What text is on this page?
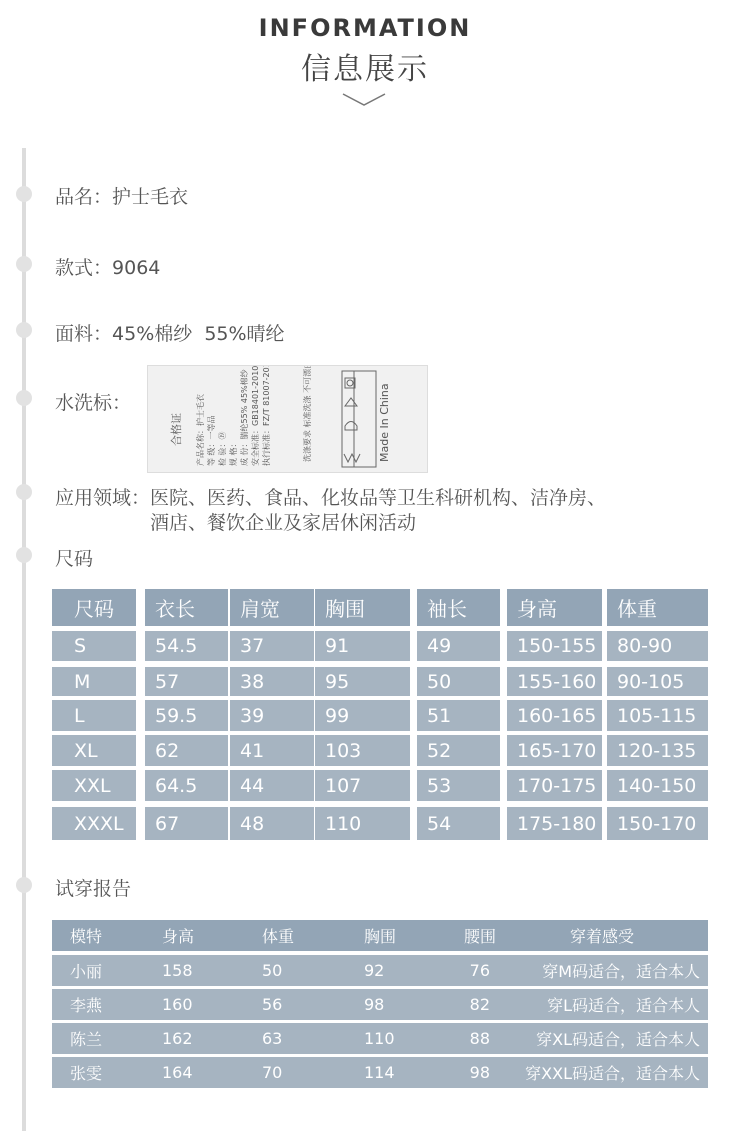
INFORMATION
信息展示
品名：护士毛衣
款式：9064
面料：45%棉纱  55%晴纶
水洗标：
合格证 产品名称：护士毛衣 等 级：一等品 检 验：⑲ 规 格： 成 份：腈纶55% 45%棉纱 安全标准：GB18401-2010 执行标准：FZ/T 81007-2012	洗涤要求 标准洗涤 不可漂白 低温熨烫	Made In China
应用领域： 医院、医药、食品、化妆品等卫生科研机构、洁净房、
酒店、餐饮企业及家居休闲活动
尺码
尺码	衣长	肩宽	胸围	袖长	身高	体重
S	54.5	37	91	49	150-155	80-90
M	57	38	95	50	155-160	90-105
L	59.5	39	99	51	160-165	105-115
XL	62	41	103	52	165-170	120-135
XXL	64.5	44	107	53	170-175	140-150
XXXL	67	48	110	54	175-180	150-170
试穿报告
模特	身高	体重	胸围	腰围	穿着感受
小丽	158	50	92	76	穿M码适合，适合本人
李燕	160	56	98	82	穿L码适合，适合本人
陈兰	162	63	110	88	穿XL码适合，适合本人
张雯	164	70	114	98 穿XXL码适合，适合本人
